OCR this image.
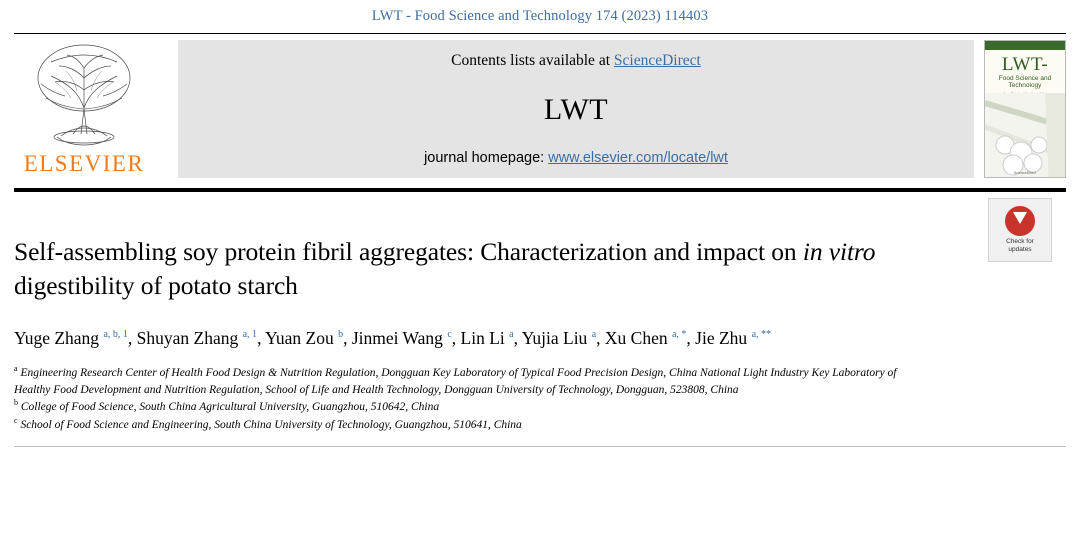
LWT - Food Science and Technology 174 (2023) 114403
ELSEVIER
Contents lists available at ScienceDirect
LWT
journal homepage: www.elsevier.com/locate/lwt
LWT-
Food Science and Technology
ScienceDirect
Check for
updates
Self-assembling soy protein fibril aggregates: Characterization and impact on in vitro digestibility of potato starch
Yuge Zhang $^{a, b, 1}$, Shuyan Zhang $^{a, 1}$, Yuan Zou $^b$, Jinmei Wang $^c$, Lin Li $^a$, Yujia Liu $^a$, Xu Chen $^{a, *}$, Jie Zhu $^{a, **}$
$^a$ Engineering Research Center of Health Food Design & Nutrition Regulation, Dongguan Key Laboratory of Typical Food Precision Design, China National Light Industry Key Laboratory of Healthy Food Development and Nutrition Regulation, School of Life and Health Technology, Dongguan University of Technology, Dongguan, 523808, China
$^b$ College of Food Science, South China Agricultural University, Guangzhou, 510642, China
$^c$ School of Food Science and Engineering, South China University of Technology, Guangzhou, 510641, China
